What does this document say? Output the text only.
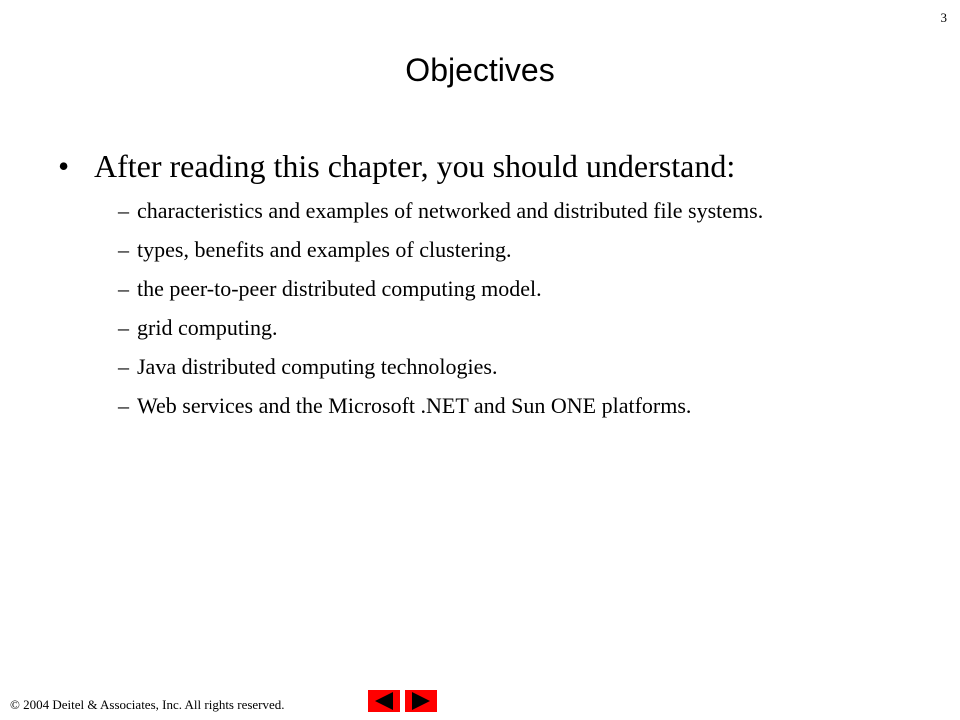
3
Objectives
• After reading this chapter, you should understand:
– characteristics and examples of networked and distributed file systems.
– types, benefits and examples of clustering.
– the peer-to-peer distributed computing model.
– grid computing.
– Java distributed computing technologies.
– Web services and the Microsoft .NET and Sun ONE platforms.
© 2004 Deitel & Associates, Inc. All rights reserved.
